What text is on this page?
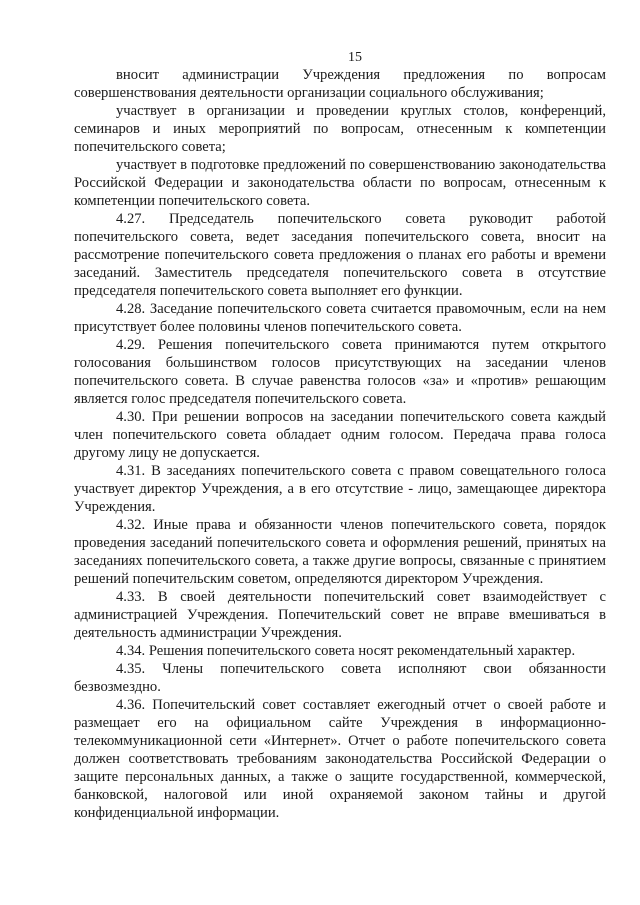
15

вносит администрации Учреждения предложения по вопросам совершенствования деятельности организации социального обслуживания;

участвует в организации и проведении круглых столов, конференций, семинаров и иных мероприятий по вопросам, отнесенным к компетенции попечительского совета;

участвует в подготовке предложений по совершенствованию законодательства Российской Федерации и законодательства области по вопросам, отнесенным к компетенции попечительского совета.

4.27. Председатель попечительского совета руководит работой попечительского совета, ведет заседания попечительского совета, вносит на рассмотрение попечительского совета предложения о планах его работы и времени заседаний. Заместитель председателя попечительского совета в отсутствие председателя попечительского совета выполняет его функции.

4.28. Заседание попечительского совета считается правомочным, если на нем присутствует более половины членов попечительского совета.

4.29. Решения попечительского совета принимаются путем открытого голосования большинством голосов присутствующих на заседании членов попечительского совета. В случае равенства голосов «за» и «против» решающим является голос председателя попечительского совета.

4.30. При решении вопросов на заседании попечительского совета каждый член попечительского совета обладает одним голосом. Передача права голоса другому лицу не допускается.

4.31. В заседаниях попечительского совета с правом совещательного голоса участвует директор Учреждения, а в его отсутствие - лицо, замещающее директора Учреждения.

4.32. Иные права и обязанности членов попечительского совета, порядок проведения заседаний попечительского совета и оформления решений, принятых на заседаниях попечительского совета, а также другие вопросы, связанные с принятием решений попечительским советом, определяются директором Учреждения.

4.33. В своей деятельности попечительский совет взаимодействует с администрацией Учреждения. Попечительский совет не вправе вмешиваться в деятельность администрации Учреждения.

4.34. Решения попечительского совета носят рекомендательный характер.

4.35. Члены попечительского совета исполняют свои обязанности безвозмездно.

4.36. Попечительский совет составляет ежегодный отчет о своей работе и размещает его на официальном сайте Учреждения в информационно-телекоммуникационной сети «Интернет». Отчет о работе попечительского совета должен соответствовать требованиям законодательства Российской Федерации о защите персональных данных, а также о защите государственной, коммерческой, банковской, налоговой или иной охраняемой законом тайны и другой конфиденциальной информации.
